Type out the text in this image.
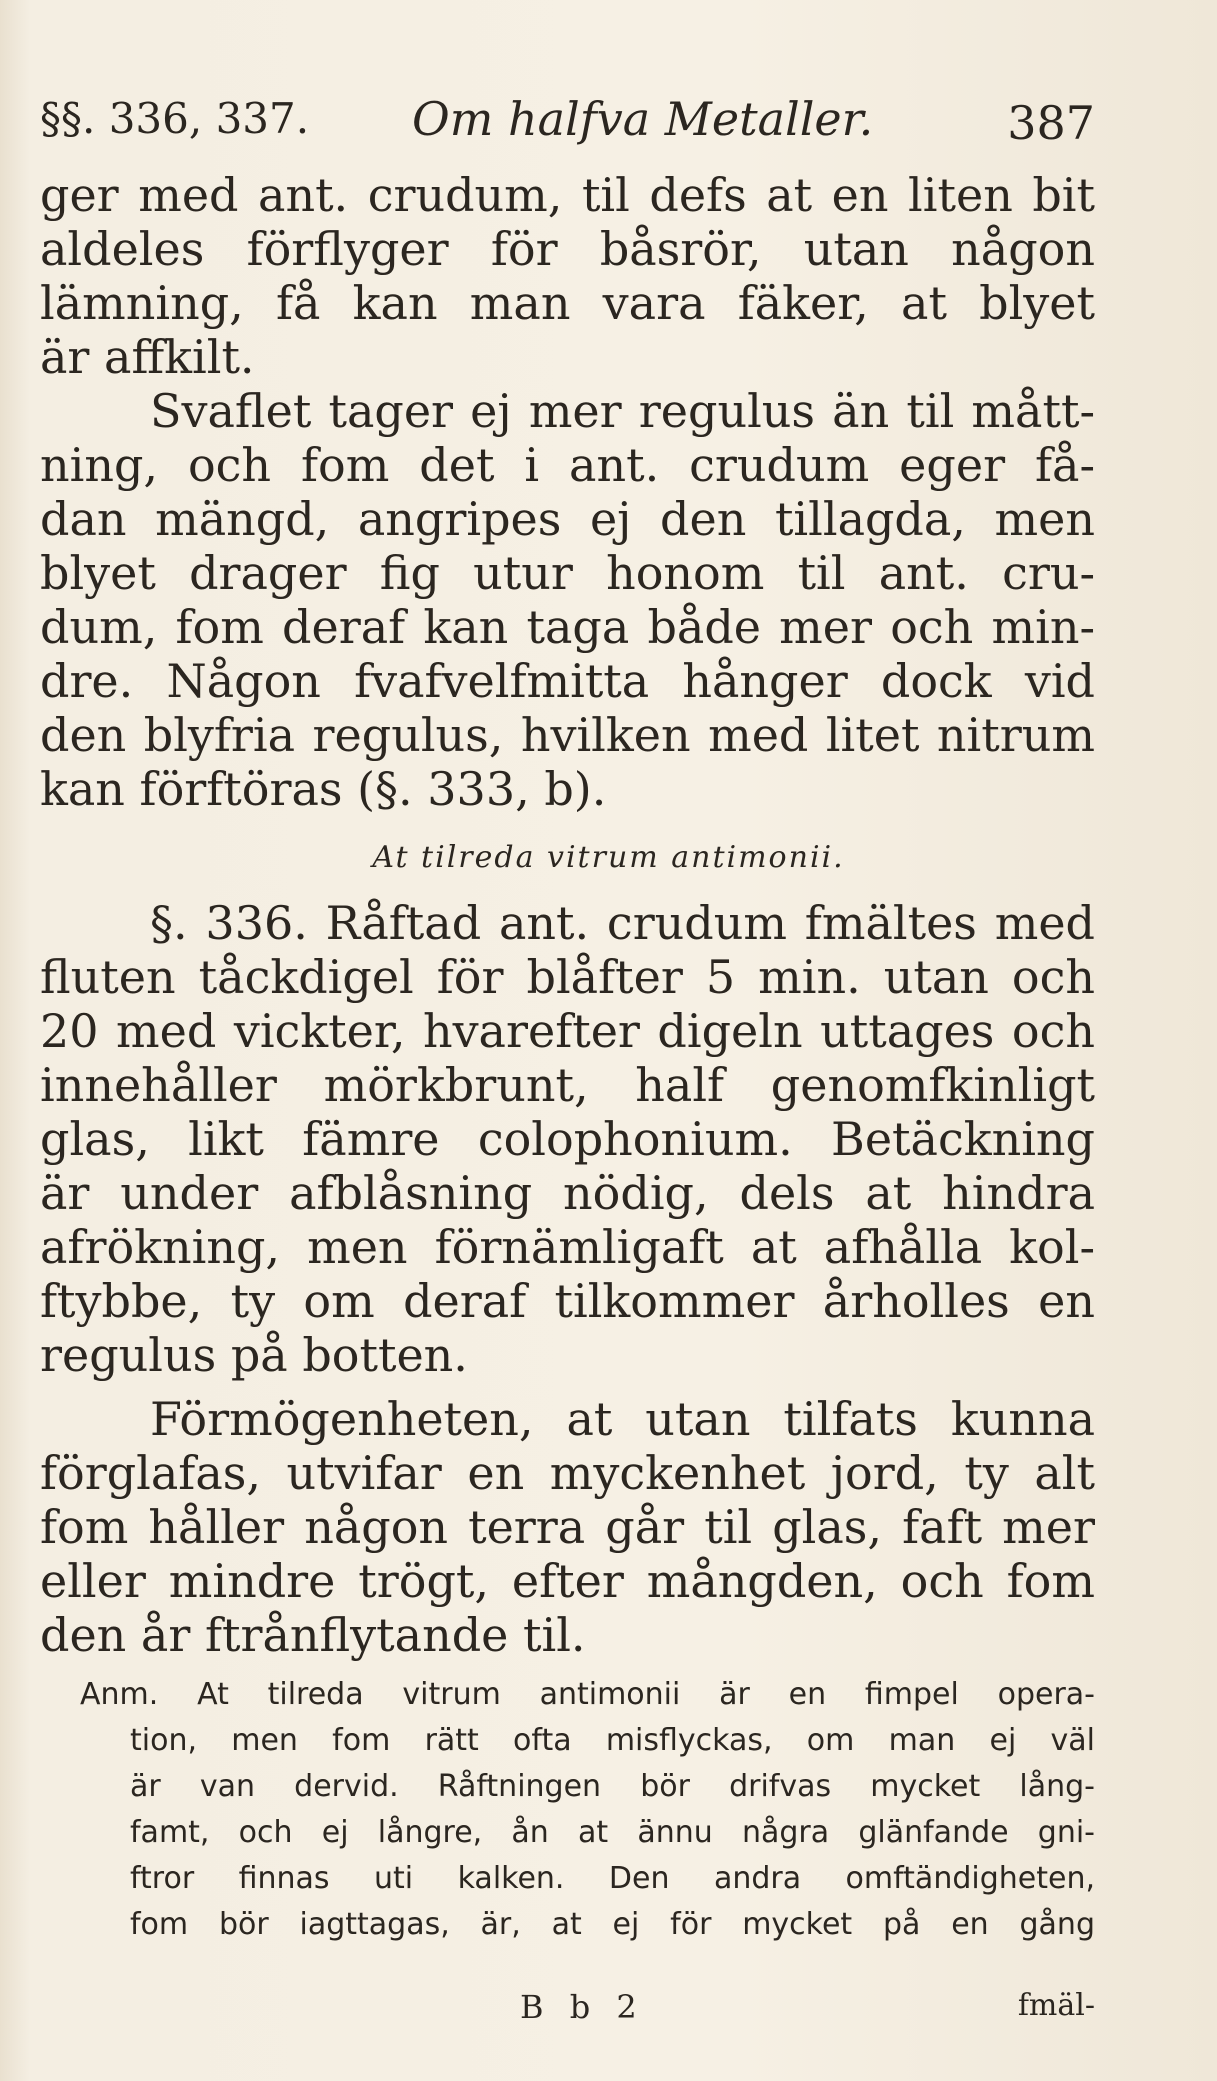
§§. 336, 337. Om halfva Metaller.	387
ger med ant. crudum, til defs at en liten bit
aldeles förflyger för båsrör, utan någon
lämning, få kan man vara fäker, at blyet
är affkilt.
Svaflet tager ej mer regulus än til mått-
ning, och fom det i ant. crudum eger få-
dan mängd, angripes ej den tillagda, men
blyet drager fig utur honom til ant. cru-
dum, fom deraf kan taga både mer och min-
dre. Någon fvafvelfmitta hånger dock vid
den blyfria regulus, hvilken med litet nitrum
kan förftöras (§. 333, b).
At tilreda vitrum antimonii.
§. 336. Råftad ant. crudum fmältes med
fluten tåckdigel för blåfter 5 min. utan och
20 med vickter, hvarefter digeln uttages och
innehåller mörkbrunt, half genomfkinligt
glas, likt fämre colophonium. Betäckning
är under afblåsning nödig, dels at hindra
afrökning, men förnämligaft at afhålla kol-
ftybbe, ty om deraf tilkommer årholles en
regulus på botten.
Förmögenheten, at utan tilfats kunna
förglafas, utvifar en myckenhet jord, ty alt
fom håller någon terra går til glas, faft mer
eller mindre trögt, efter mångden, och fom
den år ftrånflytande til.
Anm. At tilreda vitrum antimonii är en fimpel opera-
tion, men fom rätt ofta misflyckas, om man ej väl
är van dervid. Råftningen bör drifvas mycket lång-
famt, och ej långre, ån at ännu några glänfande gni-
ftror finnas uti kalken. Den andra omftändigheten,
fom bör iagttagas, är, at ej för mycket på en gång
B b 2	fmäl-
